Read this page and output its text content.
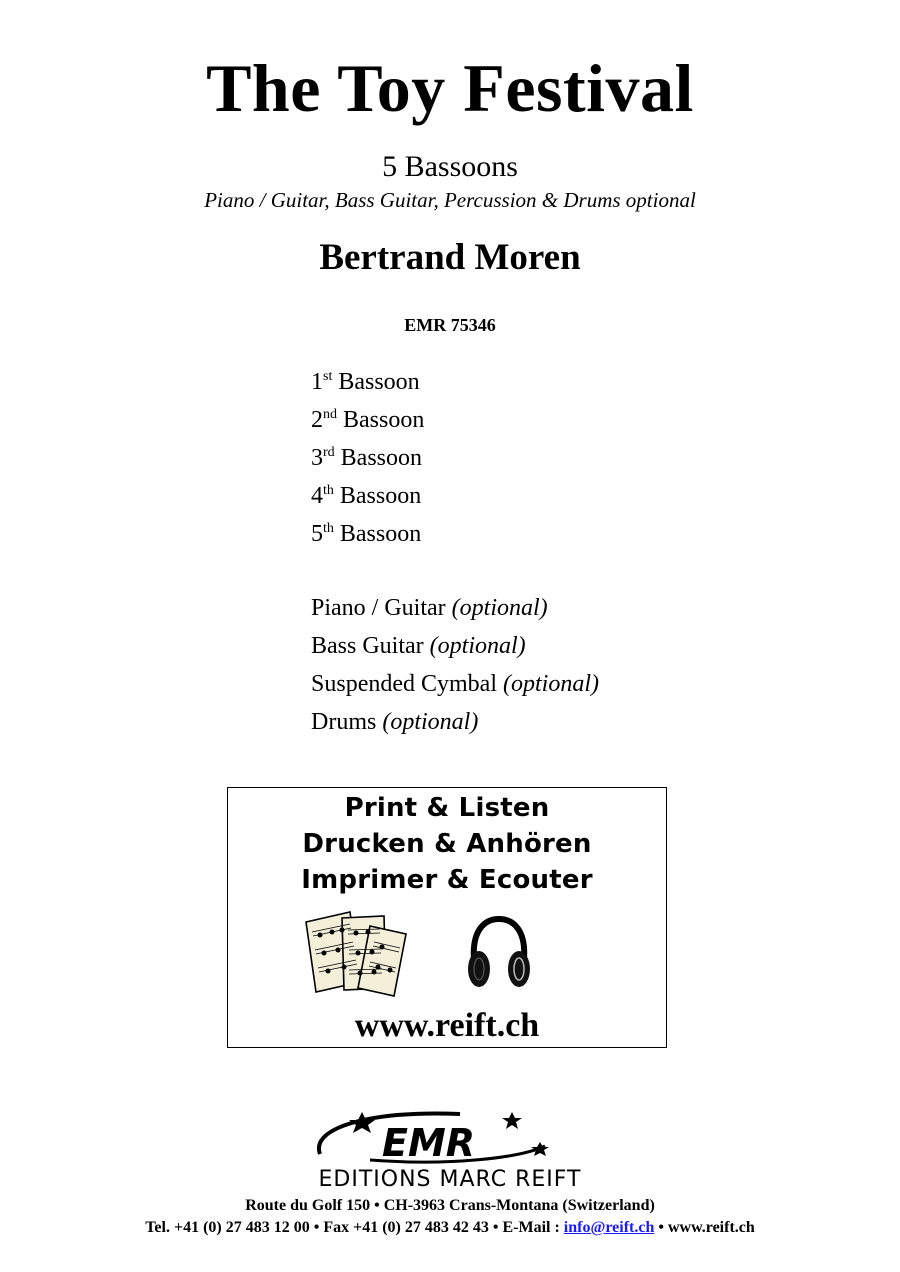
The Toy Festival
5 Bassoons
Piano / Guitar, Bass Guitar, Percussion & Drums optional
Bertrand Moren
EMR 75346
1st Bassoon
2nd Bassoon
3rd Bassoon
4th Bassoon
5th Bassoon
Piano / Guitar (optional)
Bass Guitar (optional)
Suspended Cymbal (optional)
Drums (optional)
Print & Listen
Drucken & Anhören
Imprimer & Ecouter
www.reift.ch
EMR
EDITIONS MARC REIFT
Route du Golf 150 • CH-3963 Crans-Montana (Switzerland)
Tel. +41 (0) 27 483 12 00 • Fax +41 (0) 27 483 42 43 • E-Mail : info@reift.ch • www.reift.ch
